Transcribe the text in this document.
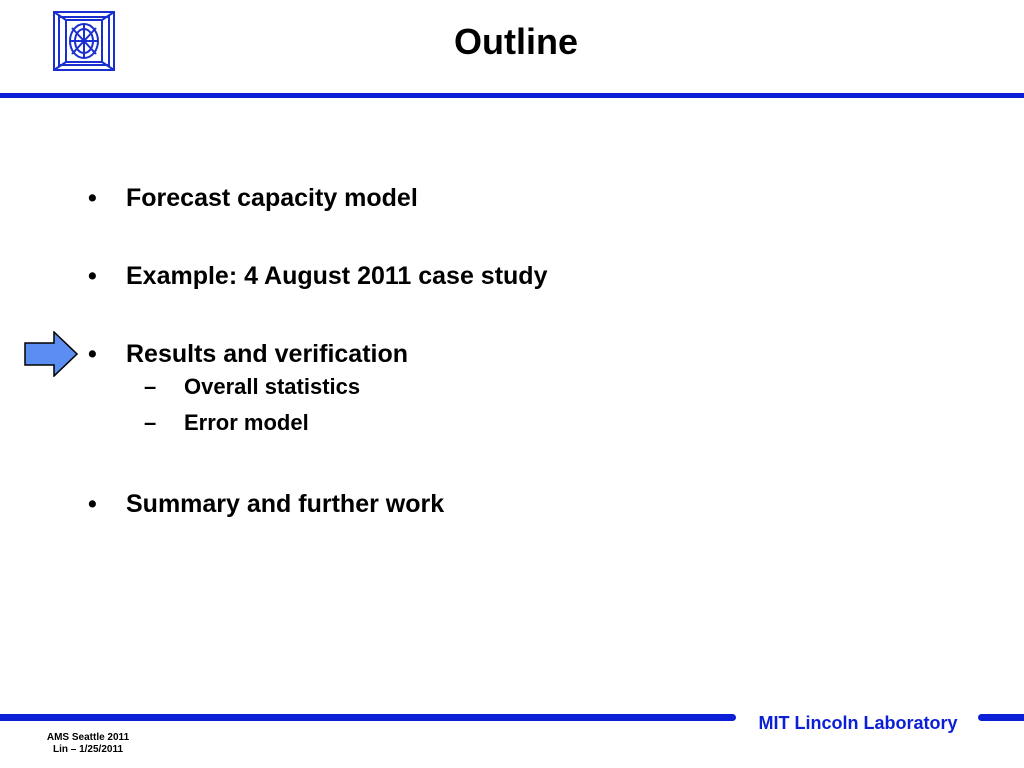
Outline
• Forecast capacity model
• Example: 4 August 2011 case study
• Results and verification
– Overall statistics
– Error model
• Summary and further work
MIT Lincoln Laboratory
AMS Seattle 2011
Lin – 1/25/2011
